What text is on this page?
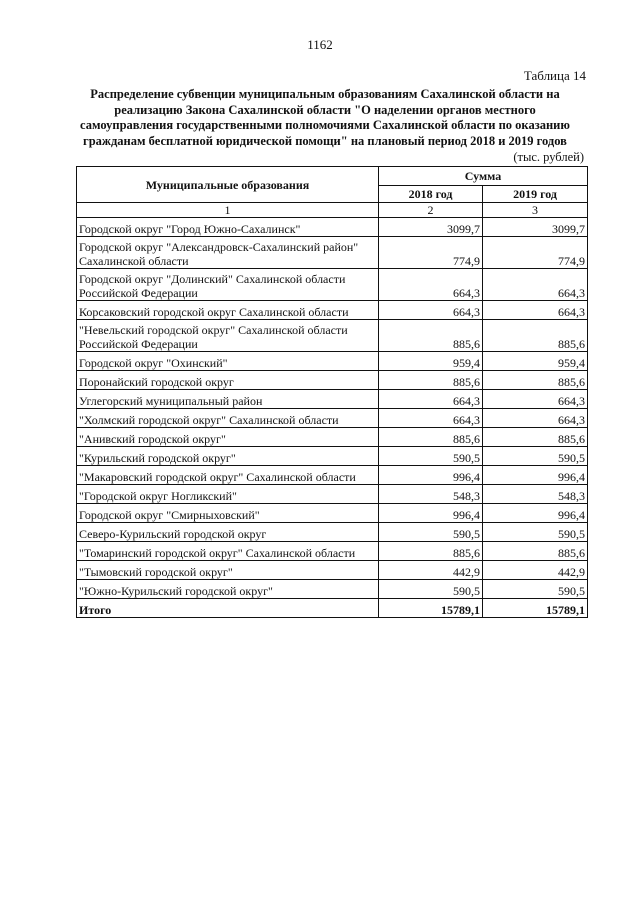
1162
Таблица 14
Распределение субвенции муниципальным образованиям Сахалинской области на
реализацию Закона Сахалинской области "О наделении органов местного
самоуправления государственными полномочиями Сахалинской области по оказанию
гражданам бесплатной юридической помощи" на плановый период 2018 и 2019 годов
(тыс. рублей)
Муниципальные образования	Сумма	
	2018 год	2019 год
1	2	3
Городской округ "Город Южно-Сахалинск"	3099,7	3099,7
Городской округ "Александровск-Сахалинский район" Сахалинской области	774,9	774,9
Городской округ "Долинский" Сахалинской области Российской Федерации	664,3	664,3
Корсаковский городской округ Сахалинской области	664,3	664,3
"Невельский городской округ" Сахалинской области Российской Федерации	885,6	885,6
Городской округ "Охинский"	959,4	959,4
Поронайский городской округ	885,6	885,6
Углегорский муниципальный район	664,3	664,3
"Холмский городской округ" Сахалинской области	664,3	664,3
"Анивский городской округ"	885,6	885,6
"Курильский городской округ"	590,5	590,5
"Макаровский городской округ" Сахалинской области	996,4	996,4
"Городской округ Ногликский"	548,3	548,3
Городской округ "Смирныховский"	996,4	996,4
Северо-Курильский городской округ	590,5	590,5
"Томаринский городской округ" Сахалинской области	885,6	885,6
"Тымовский городской округ"	442,9	442,9
"Южно-Курильский городской округ"	590,5	590,5
Итого	15789,1	15789,1
